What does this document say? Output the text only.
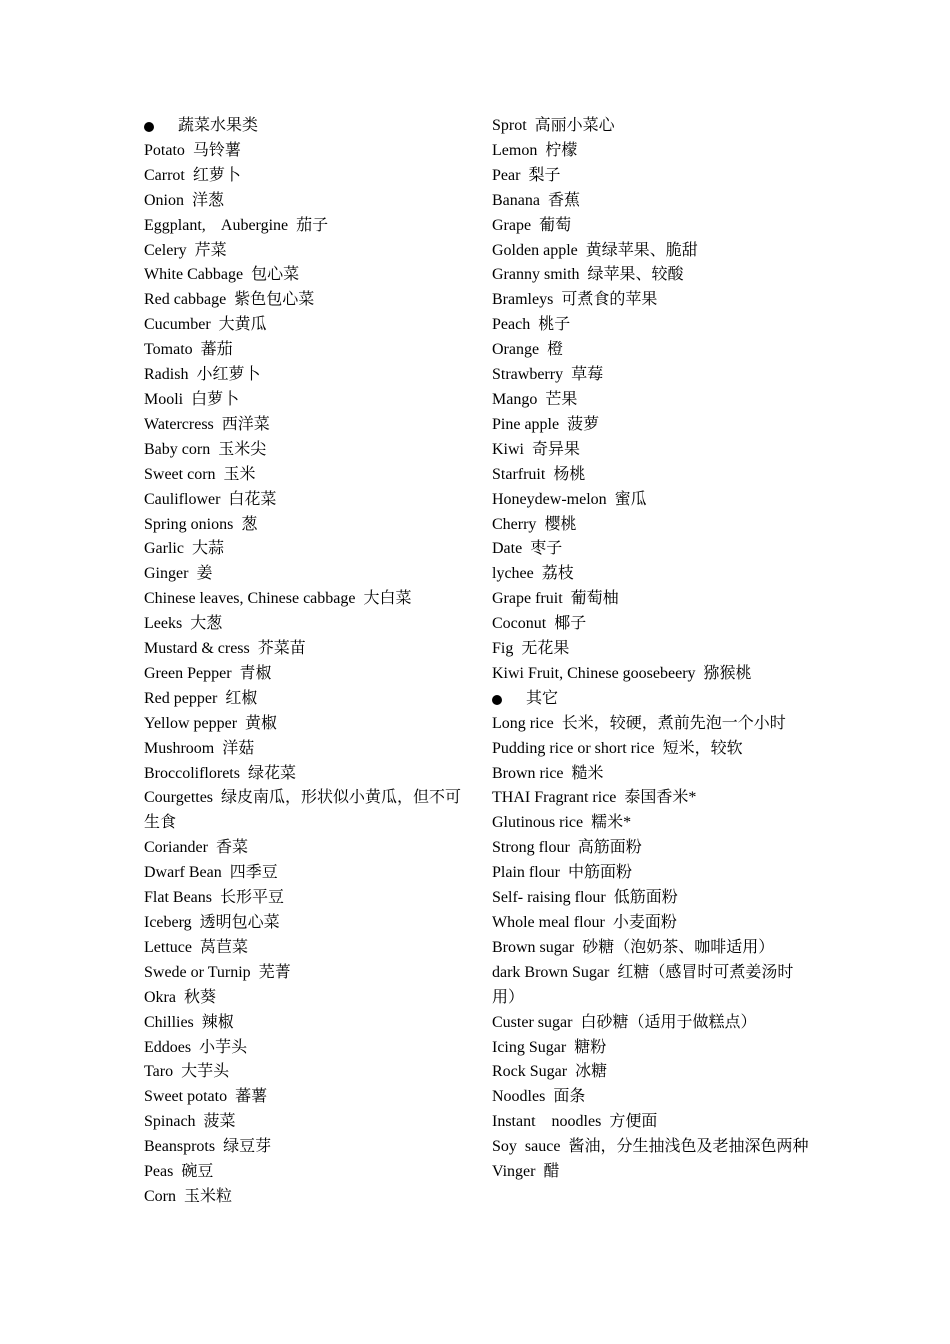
蔬菜水果类

Potato 马铃薯

Carrot 红萝卜

Onion 洋葱

Eggplant,    Aubergine 茄子

Celery 芹菜

White Cabbage 包心菜

Red cabbage 紫色包心菜

Cucumber 大黄瓜

Tomato 蕃茄

Radish 小红萝卜

Mooli 白萝卜

Watercress 西洋菜

Baby corn 玉米尖

Sweet corn 玉米

Cauliflower 白花菜

Spring onions 葱

Garlic 大蒜

Ginger 姜

Chinese leaves, Chinese cabbage 大白菜

Leeks 大葱

Mustard & cress 芥菜苗

Green Pepper 青椒

Red pepper 红椒

Yellow pepper 黄椒

Mushroom 洋菇

Broccoliflorets 绿花菜

Courgettes 绿皮南瓜，形状似小黄瓜，但不可生食

Coriander 香菜

Dwarf Bean 四季豆

Flat Beans 长形平豆

Iceberg 透明包心菜

Lettuce 莴苣菜

Swede or Turnip 芜菁

Okra 秋葵

Chillies 辣椒

Eddoes 小芋头

Taro 大芋头

Sweet potato 蕃薯

Spinach 菠菜

Beansprots 绿豆芽

Peas 碗豆

Corn 玉米粒

Sprot 高丽小菜心

Lemon 柠檬

Pear 梨子

Banana 香蕉

Grape 葡萄

Golden apple 黄绿苹果、脆甜

Granny smith 绿苹果、较酸

Bramleys 可煮食的苹果

Peach 桃子

Orange 橙

Strawberry 草莓

Mango 芒果

Pine apple 菠萝

Kiwi 奇异果

Starfruit 杨桃

Honeydew-melon 蜜瓜

Cherry 樱桃

Date 枣子

lychee 荔枝

Grape fruit 葡萄柚

Coconut 椰子

Fig 无花果

Kiwi Fruit, Chinese goosebeery 猕猴桃

其它

Long rice 长米，较硬，煮前先泡一个小时

Pudding rice or short rice 短米，较软

Brown rice 糙米

THAI Fragrant rice 泰国香米*

Glutinous rice 糯米*

Strong flour 高筋面粉

Plain flour 中筋面粉

Self- raising flour 低筋面粉

Whole meal flour 小麦面粉

Brown sugar 砂糖（泡奶茶、咖啡适用）

dark Brown Sugar 红糖（感冒时可煮姜汤时用）

Custer sugar 白砂糖（适用于做糕点）

Icing Sugar 糖粉

Rock Sugar 冰糖

Noodles 面条

Instant    noodles 方便面

Soy  sauce 酱油，分生抽浅色及老抽深色两种

Vinger 醋
